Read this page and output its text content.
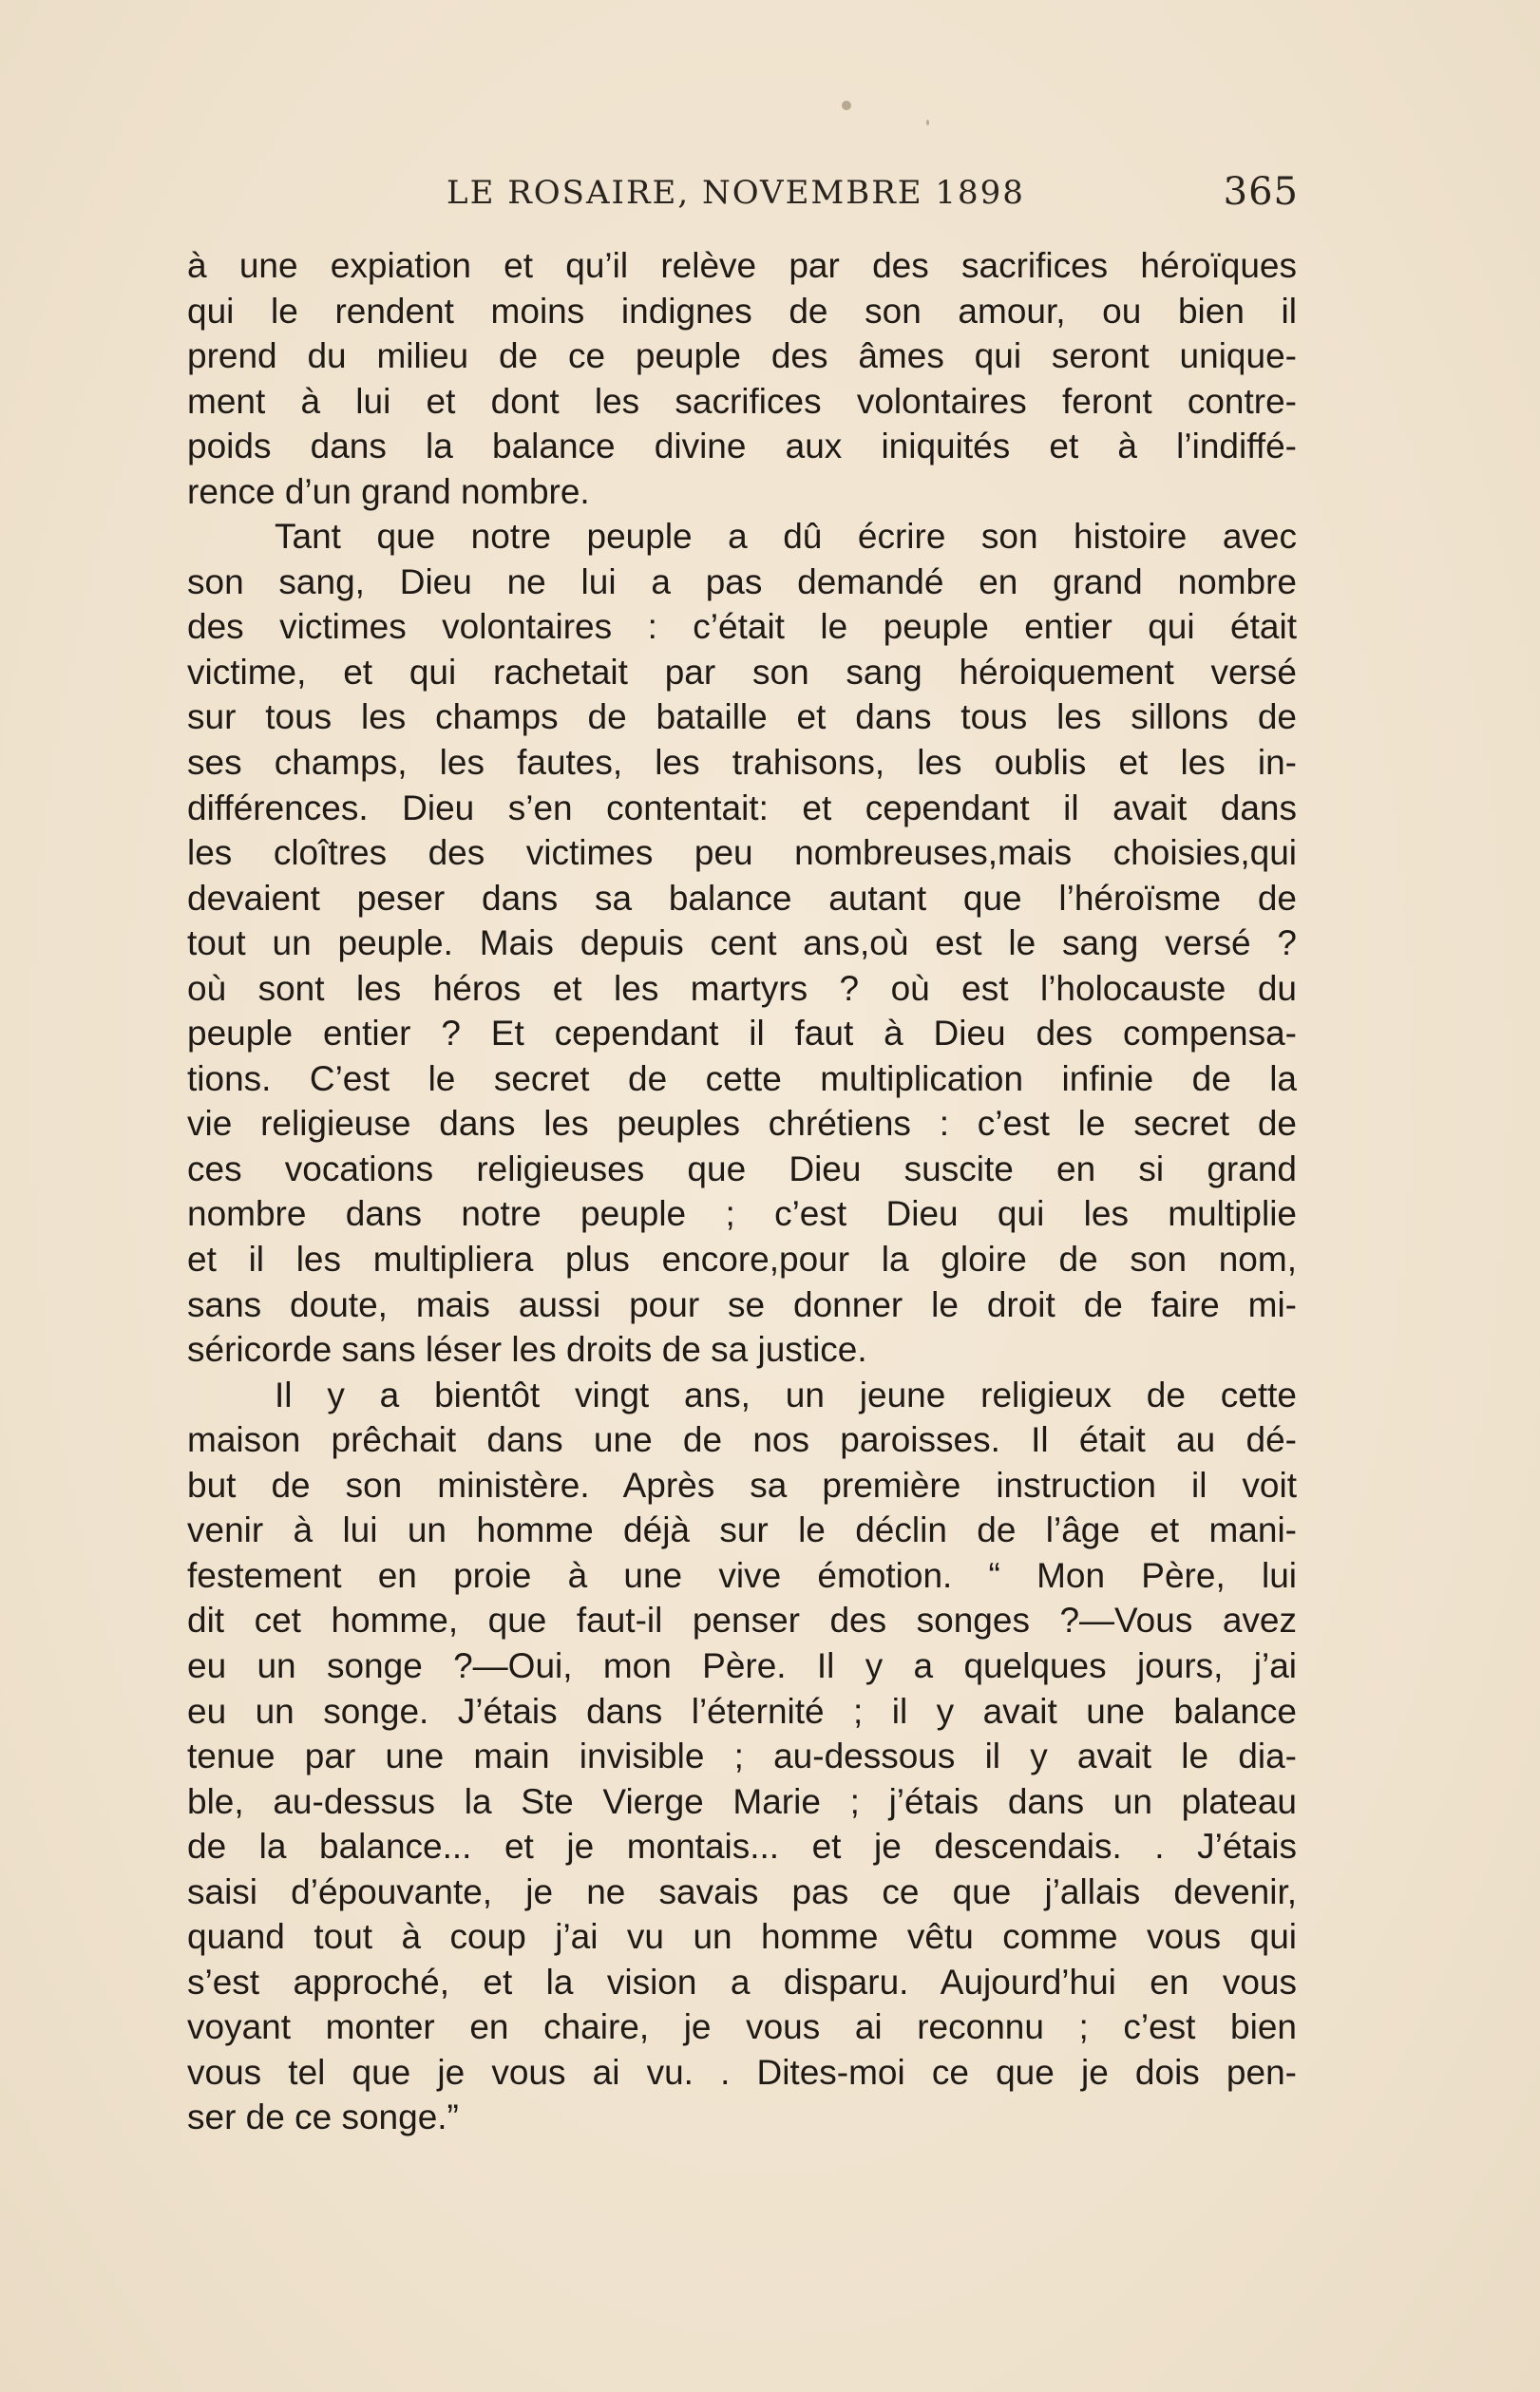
LE ROSAIRE, NOVEMBRE 1898	365
à une expiation et qu’il relève par des sacrifices héroïques
qui le rendent moins indignes de son amour, ou bien il
prend du milieu de ce peuple des âmes qui seront unique-
ment à lui et dont les sacrifices volontaires feront contre-
poids dans la balance divine aux iniquités et à l’indiffé-
rence d’un grand nombre.
Tant que notre peuple a dû écrire son histoire avec
son sang, Dieu ne lui a pas demandé en grand nombre
des victimes volontaires : c’était le peuple entier qui était
victime, et qui rachetait par son sang héroiquement versé
sur tous les champs de bataille et dans tous les sillons de
ses champs, les fautes, les trahisons, les oublis et les in-
différences. Dieu s’en contentait: et cependant il avait dans
les cloîtres des victimes peu nombreuses,mais choisies,qui
devaient peser dans sa balance autant que l’héroïsme de
tout un peuple. Mais depuis cent ans,où est le sang versé ?
où sont les héros et les martyrs ? où est l’holocauste du
peuple entier ? Et cependant il faut à Dieu des compensa-
tions. C’est le secret de cette multiplication infinie de la
vie religieuse dans les peuples chrétiens : c’est le secret de
ces vocations religieuses que Dieu suscite en si grand
nombre dans notre peuple ; c’est Dieu qui les multiplie
et il les multipliera plus encore,pour la gloire de son nom,
sans doute, mais aussi pour se donner le droit de faire mi-
séricorde sans léser les droits de sa justice.
Il y a bientôt vingt ans, un jeune religieux de cette
maison prêchait dans une de nos paroisses. Il était au dé-
but de son ministère. Après sa première instruction il voit
venir à lui un homme déjà sur le déclin de l’âge et mani-
festement en proie à une vive émotion. “ Mon Père, lui
dit cet homme, que faut-il penser des songes ?—Vous avez
eu un songe ?—Oui, mon Père. Il y a quelques jours, j’ai
eu un songe. J’étais dans l’éternité ; il y avait une balance
tenue par une main invisible ; au-dessous il y avait le dia-
ble, au-dessus la Ste Vierge Marie ; j’étais dans un plateau
de la balance... et je montais... et je descendais. . J’étais
saisi d’épouvante, je ne savais pas ce que j’allais devenir,
quand tout à coup j’ai vu un homme vêtu comme vous qui
s’est approché, et la vision a disparu. Aujourd’hui en vous
voyant monter en chaire, je vous ai reconnu ; c’est bien
vous tel que je vous ai vu. . Dites-moi ce que je dois pen-
ser de ce songe.”
